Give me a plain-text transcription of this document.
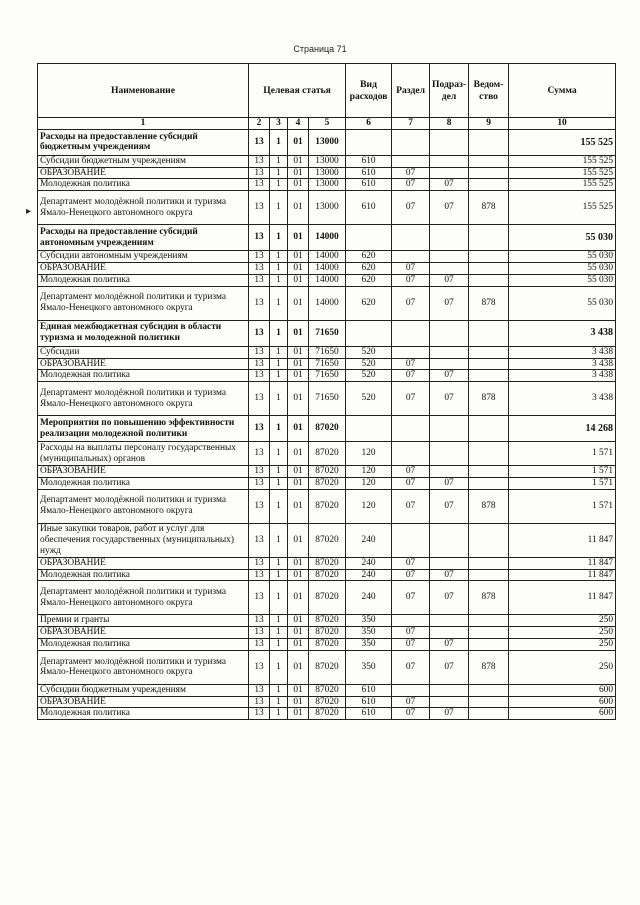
Страница 71
▸
Наименование	Целевая статья				Вид расходов	Раздел	Подраз-дел	Ведом-ство	Сумма
1	2	3	4	5	6	7	8	9	10
Расходы на предоставление субсидий бюджетным учреждениям	13	1	01	13000					155 525
Субсидии бюджетным учреждениям	13	1	01	13000	610				155 525
ОБРАЗОВАНИЕ	13	1	01	13000	610	07			155 525
Молодежная политика	13	1	01	13000	610	07	07		155 525
Департамент молодёжной политики и туризма Ямало-Ненецкого автономного округа	13	1	01	13000	610	07	07	878	155 525
Расходы на предоставление субсидий автономным учреждениям	13	1	01	14000					55 030
Субсидии автономным учреждениям	13	1	01	14000	620				55 030
ОБРАЗОВАНИЕ	13	1	01	14000	620	07			55 030
Молодежная политика	13	1	01	14000	620	07	07		55 030
Департамент молодёжной политики и туризма Ямало-Ненецкого автономного округа	13	1	01	14000	620	07	07	878	55 030
Единая межбюджетная субсидия в области туризма и молодежной политики	13	1	01	71650					3 438
Субсидии	13	1	01	71650	520				3 438
ОБРАЗОВАНИЕ	13	1	01	71650	520	07			3 438
Молодежная политика	13	1	01	71650	520	07	07		3 438
Департамент молодёжной политики и туризма Ямало-Ненецкого автономного округа	13	1	01	71650	520	07	07	878	3 438
Мероприятия по повышению эффективности реализации молодежной политики	13	1	01	87020					14 268
Расходы на выплаты персоналу государственных (муниципальных) органов	13	1	01	87020	120				1 571
ОБРАЗОВАНИЕ	13	1	01	87020	120	07			1 571
Молодежная политика	13	1	01	87020	120	07	07		1 571
Департамент молодёжной политики и туризма Ямало-Ненецкого автономного округа	13	1	01	87020	120	07	07	878	1 571
Иные закупки товаров, работ и услуг для обеспечения государственных (муниципальных) нужд	13	1	01	87020	240				11 847
ОБРАЗОВАНИЕ	13	1	01	87020	240	07			11 847
Молодежная политика	13	1	01	87020	240	07	07		11 847
Департамент молодёжной политики и туризма Ямало-Ненецкого автономного округа	13	1	01	87020	240	07	07	878	11 847
Премии и гранты	13	1	01	87020	350				250
ОБРАЗОВАНИЕ	13	1	01	87020	350	07			250
Молодежная политика	13	1	01	87020	350	07	07		250
Департамент молодёжной политики и туризма Ямало-Ненецкого автономного округа	13	1	01	87020	350	07	07	878	250
Субсидии бюджетным учреждениям	13	1	01	87020	610				600
ОБРАЗОВАНИЕ	13	1	01	87020	610	07			600
Молодежная политика	13	1	01	87020	610	07	07		600
